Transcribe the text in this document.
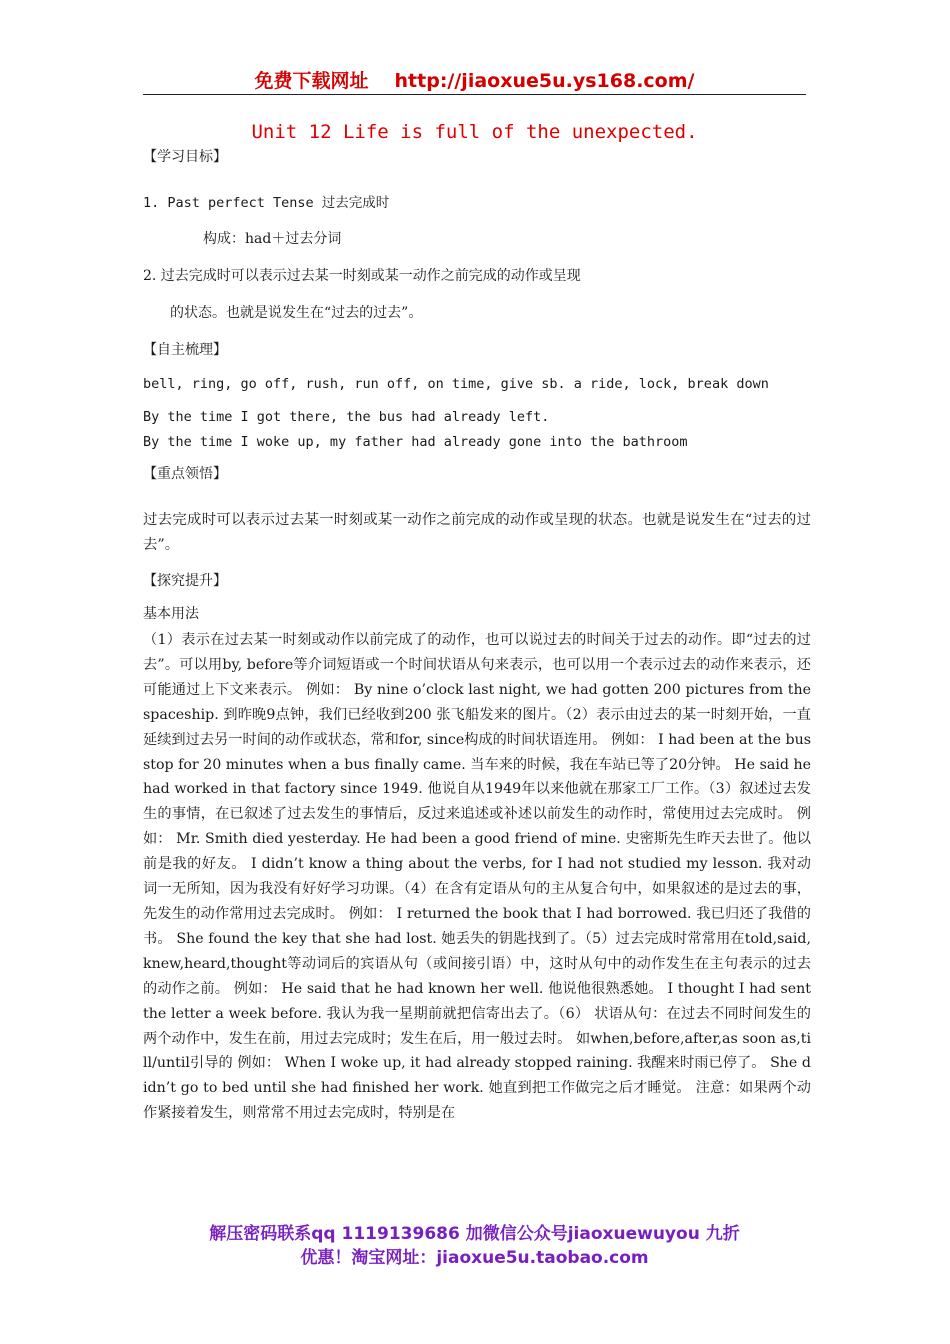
免费下载网址 http://jiaoxue5u.ys168.com/
Unit 12 Life is full of the unexpected.
【学习目标】
1. Past perfect Tense 过去完成时
构成：had＋过去分词
2. 过去完成时可以表示过去某一时刻或某一动作之前完成的动作或呈现
的状态。也就是说发生在“过去的过去”。
【自主梳理】
bell, ring, go off, rush, run off, on time, give sb. a ride, lock, break down
By the time I got there, the bus had already left.
By the time I woke up, my father had already gone into the bathroom
【重点领悟】
过去完成时可以表示过去某一时刻或某一动作之前完成的动作或呈现的状态。也就是说发生在“过去的过去”。
【探究提升】
基本用法
（1）表示在过去某一时刻或动作以前完成了的动作，也可以说过去的时间关于过去的动作。即“过去的过去”。可以用by, before等介词短语或一个时间状语从句来表示，也可以用一个表示过去的动作来表示，还可能通过上下文来表示。 例如： By nine o’clock last night, we had gotten 200 pictures from the spaceship. 到昨晚9点钟，我们已经收到200 张飞船发来的图片。（2）表示由过去的某一时刻开始，一直延续到过去另一时间的动作或状态，常和for, since构成的时间状语连用。 例如： I had been at the bus stop for 20 minutes when a bus finally came. 当车来的时候，我在车站已等了20分钟。 He said he had worked in that factory since 1949. 他说自从1949年以来他就在那家工厂工作。（3）叙述过去发生的事情，在已叙述了过去发生的事情后，反过来追述或补述以前发生的动作时，常使用过去完成时。 例如： Mr. Smith died yesterday. He had been a good friend of mine. 史密斯先生昨天去世了。他以前是我的好友。 I didn’t know a thing about the verbs, for I had not studied my lesson. 我对动词一无所知，因为我没有好好学习功课。（4）在含有定语从句的主从复合句中，如果叙述的是过去的事，先发生的动作常用过去完成时。 例如： I returned the book that I had borrowed. 我已归还了我借的书。 She found the key that she had lost. 她丢失的钥匙找到了。（5）过去完成时常常用在told,said,knew,heard,thought等动词后的宾语从句（或间接引语）中，这时从句中的动作发生在主句表示的过去的动作之前。 例如： He said that he had known her well. 他说他很熟悉她。 I thought I had sent the letter a week before. 我认为我一星期前就把信寄出去了。（6） 状语从句：在过去不同时间发生的两个动作中，发生在前，用过去完成时；发生在后，用一般过去时。 如when,before,after,as soon as,till/until引导的 例如： When I woke up, it had already stopped raining. 我醒来时雨已停了。 She didn’t go to bed until she had finished her work. 她直到把工作做完之后才睡觉。 注意：如果两个动作紧接着发生，则常常不用过去完成时，特别是在
解压密码联系qq 1119139686 加微信公众号jiaoxuewuyou 九折
优惠！淘宝网址：jiaoxue5u.taobao.com
